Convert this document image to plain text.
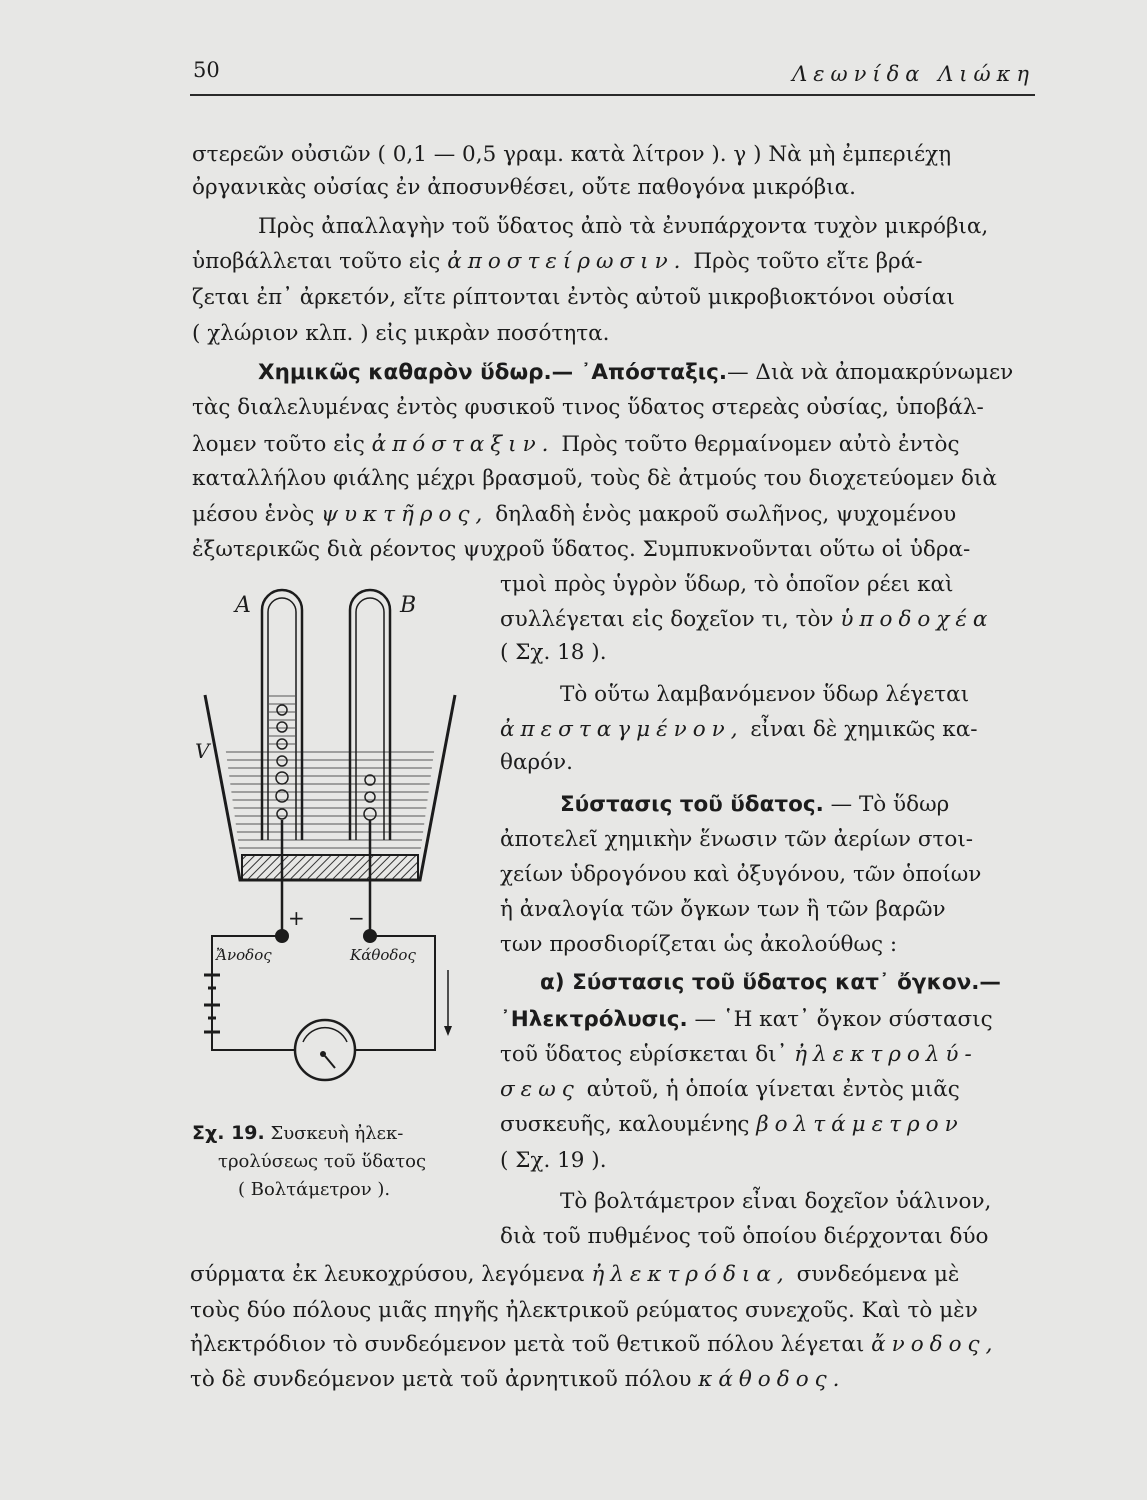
50	Λεωνίδα Λιώκη
στερεῶν οὐσιῶν ( 0,1 — 0,5 γραμ. κατὰ λίτρον ). γ ) Νὰ μὴ ἐμπεριέχῃ
ὀργανικὰς οὐσίας ἐν ἀποσυνθέσει, οὔτε παθογόνα μικρόβια.
Πρὸς ἀπαλλαγὴν τοῦ ὕδατος ἀπὸ τὰ ἐνυπάρχοντα τυχὸν μικρόβια,
ὑποβάλλεται τοῦτο εἰς ἀποστείρωσιν. Πρὸς τοῦτο εἴτε βρά-
ζεται ἐπ᾽ ἀρκετόν, εἴτε ρίπτονται ἐντὸς αὐτοῦ μικροβιοκτόνοι οὐσίαι
( χλώριον κλπ. ) εἰς μικρὰν ποσότητα.
Χημικῶς καθαρὸν ὕδωρ.— ᾽Απόσταξις.— Διὰ νὰ ἀπομακρύνωμεν
τὰς διαλελυμένας ἐντὸς φυσικοῦ τινος ὕδατος στερεὰς οὐσίας, ὑποβάλ-
λομεν τοῦτο εἰς ἀπόσταξιν. Πρὸς τοῦτο θερμαίνομεν αὐτὸ ἐντὸς
καταλλήλου φιάλης μέχρι βρασμοῦ, τοὺς δὲ ἀτμούς του διοχετεύομεν διὰ
μέσου ἑνὸς ψυκτῆρος, δηλαδὴ ἑνὸς μακροῦ σωλῆνος, ψυχομένου
ἐξωτερικῶς διὰ ρέοντος ψυχροῦ ὕδατος. Συμπυκνοῦνται οὕτω οἱ ὑδρα-
τμοὶ πρὸς ὑγρὸν ὕδωρ, τὸ ὁποῖον ρέει καὶ
συλλέγεται εἰς δοχεῖον τι, τὸν ὑποδοχέα
( Σχ. 18 ).
Τὸ οὕτω λαμβανόμενον ὕδωρ λέγεται
ἀπεσταγμένον, εἶναι δὲ χημικῶς κα-
θαρόν.
Σύστασις τοῦ ὕδατος. — Τὸ ὕδωρ
ἀποτελεῖ χημικὴν ἕνωσιν τῶν ἀερίων στοι-
χείων ὑδρογόνου καὶ ὀξυγόνου, τῶν ὁποίων
ἡ ἀναλογία τῶν ὄγκων των ἢ τῶν βαρῶν
των προσδιορίζεται ὡς ἀκολούθως :
α) Σύστασις τοῦ ὕδατος κατ᾽ ὄγκον.—
᾽Ηλεκτρόλυσις. — ῾Η κατ᾽ ὄγκον σύστασις
τοῦ ὕδατος εὑρίσκεται δι᾽ ἠλεκτρολύ-
σεως αὐτοῦ, ἡ ὁποία γίνεται ἐντὸς μιᾶς
συσκευῆς, καλουμένης βολτάμετρον
( Σχ. 19 ).
Τὸ βολτάμετρον εἶναι δοχεῖον ὑάλινον,
διὰ τοῦ πυθμένος τοῦ ὁποίου διέρχονται δύο
σύρματα ἐκ λευκοχρύσου, λεγόμενα ἠλεκτρόδια, συνδεόμενα μὲ
τοὺς δύο πόλους μιᾶς πηγῆς ἠλεκτρικοῦ ρεύματος συνεχοῦς. Καὶ τὸ μὲν
ἠλεκτρόδιον τὸ συνδεόμενον μετὰ τοῦ θετικοῦ πόλου λέγεται ἄνοδος,
τὸ δὲ συνδεόμενον μετὰ τοῦ ἀρνητικοῦ πόλου κάθοδος.
A	B
V
+ −
Ἄνοδος	Κάθοδος
Σχ. 19. Συσκευὴ ἠλεκ-
τρολύσεως τοῦ ὕδατος
( Βολτάμετρον ).
